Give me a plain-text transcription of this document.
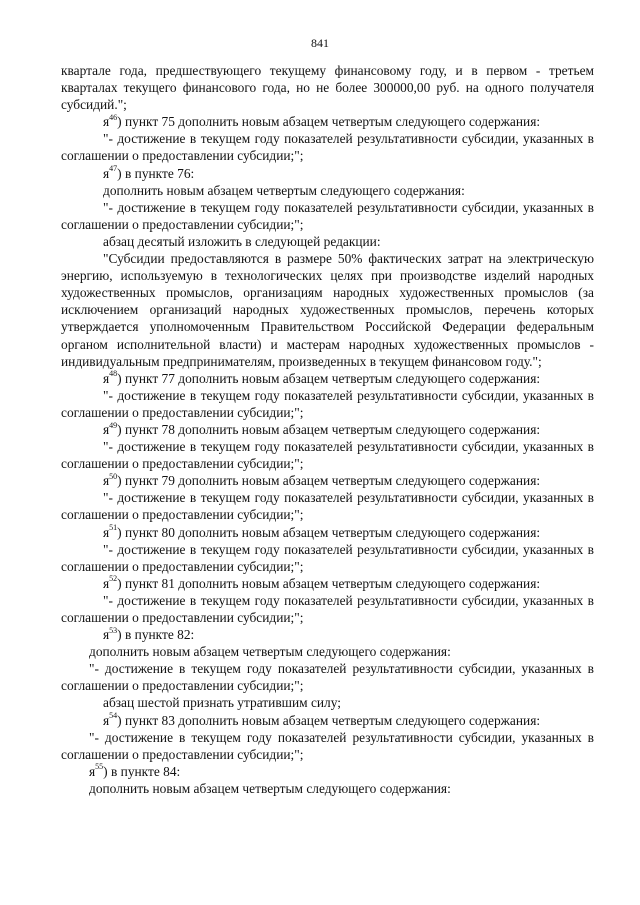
841

квартале года, предшествующего текущему финансовому году, и в первом - третьем кварталах текущего финансового года, но не более 300000,00 руб. на одного получателя субсидий.";

$я^{46}$) пункт 75 дополнить новым абзацем четвертым следующего содержания:

"- достижение в текущем году показателей результативности субсидии, указанных в соглашении о предоставлении субсидии;";

$я^{47}$) в пункте 76:

дополнить новым абзацем четвертым следующего содержания:

"- достижение в текущем году показателей результативности субсидии, указанных в соглашении о предоставлении субсидии;";

абзац десятый изложить в следующей редакции:

"Субсидии предоставляются в размере 50% фактических затрат на электрическую энергию, используемую в технологических целях при производстве изделий народных художественных промыслов, организациям народных художественных промыслов (за исключением организаций народных художественных промыслов, перечень которых утверждается уполномоченным Правительством Российской Федерации федеральным органом исполнительной власти) и мастерам народных художественных промыслов - индивидуальным предпринимателям, произведенных в текущем финансовом году.";

$я^{48}$) пункт 77 дополнить новым абзацем четвертым следующего содержания:

"- достижение в текущем году показателей результативности субсидии, указанных в соглашении о предоставлении субсидии;";

$я^{49}$) пункт 78 дополнить новым абзацем четвертым следующего содержания:

"- достижение в текущем году показателей результативности субсидии, указанных в соглашении о предоставлении субсидии;";

$я^{50}$) пункт 79 дополнить новым абзацем четвертым следующего содержания:

"- достижение в текущем году показателей результативности субсидии, указанных в соглашении о предоставлении субсидии;";

$я^{51}$) пункт 80 дополнить новым абзацем четвертым следующего содержания:

"- достижение в текущем году показателей результативности субсидии, указанных в соглашении о предоставлении субсидии;";

$я^{52}$) пункт 81 дополнить новым абзацем четвертым следующего содержания:

"- достижение в текущем году показателей результативности субсидии, указанных в соглашении о предоставлении субсидии;";

$я^{53}$) в пункте 82:

дополнить новым абзацем четвертым следующего содержания:

"- достижение в текущем году показателей результативности субсидии, указанных в соглашении о предоставлении субсидии;";

абзац шестой признать утратившим силу;

$я^{54}$) пункт 83 дополнить новым абзацем четвертым следующего содержания:

"- достижение в текущем году показателей результативности субсидии, указанных в соглашении о предоставлении субсидии;";

$я^{55}$) в пункте 84:

дополнить новым абзацем четвертым следующего содержания:
